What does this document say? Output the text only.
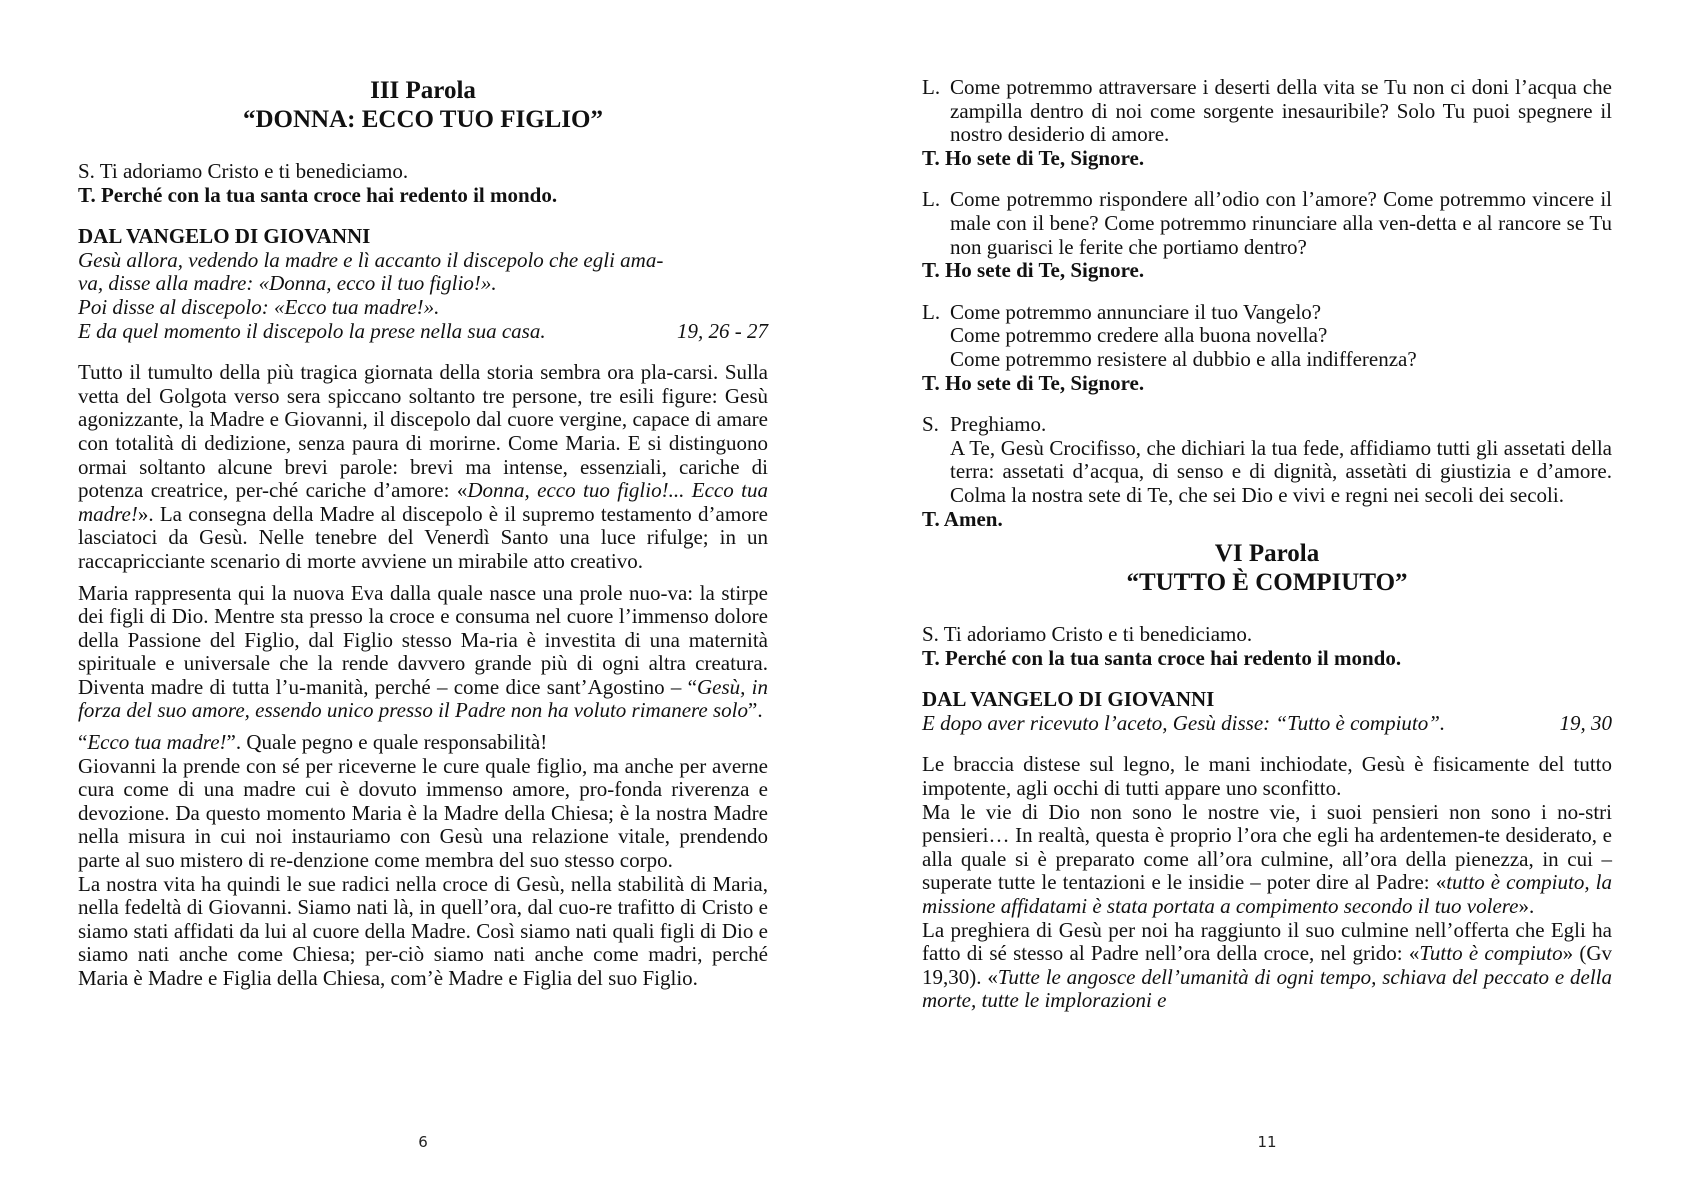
III Parola
“DONNA: ECCO TUO FIGLIO”

S. Ti adoriamo Cristo e ti benediciamo.

T. Perché con la tua santa croce hai redento il mondo.

DAL VANGELO DI GIOVANNI

Gesù allora, vedendo la madre e lì accanto il discepolo che egli ama-

va, disse alla madre: «Donna, ecco il tuo figlio!».

Poi disse al discepolo: «Ecco tua madre!».

E da quel momento il discepolo la prese nella sua casa.	19, 26 - 27

Tutto il tumulto della più tragica giornata della storia sembra ora pla-carsi. Sulla vetta del Golgota verso sera spiccano soltanto tre persone, tre esili figure: Gesù agonizzante, la Madre e Giovanni, il discepolo dal cuore vergine, capace di amare con totalità di dedizione, senza paura di morirne. Come Maria. E si distinguono ormai soltanto alcune brevi parole: brevi ma intense, essenziali, cariche di potenza creatrice, per-ché cariche d’amore: «Donna, ecco tuo figlio!... Ecco tua madre!». La consegna della Madre al discepolo è il supremo testamento d’amore lasciatoci da Gesù. Nelle tenebre del Venerdì Santo una luce rifulge; in un raccapricciante scenario di morte avviene un mirabile atto creativo.

Maria rappresenta qui la nuova Eva dalla quale nasce una prole nuo-va: la stirpe dei figli di Dio. Mentre sta presso la croce e consuma nel cuore l’immenso dolore della Passione del Figlio, dal Figlio stesso Ma-ria è investita di una maternità spirituale e universale che la rende davvero grande più di ogni altra creatura. Diventa madre di tutta l’u-manità, perché – come dice sant’Agostino – “Gesù, in forza del suo amore, essendo unico presso il Padre non ha voluto rimanere solo”.

“Ecco tua madre!”. Quale pegno e quale responsabilità!

Giovanni la prende con sé per riceverne le cure quale figlio, ma anche per averne cura come di una madre cui è dovuto immenso amore, pro-fonda riverenza e devozione. Da questo momento Maria è la Madre della Chiesa; è la nostra Madre nella misura in cui noi instauriamo con Gesù una relazione vitale, prendendo parte al suo mistero di re-denzione come membra del suo stesso corpo.

La nostra vita ha quindi le sue radici nella croce di Gesù, nella stabilità di Maria, nella fedeltà di Giovanni. Siamo nati là, in quell’ora, dal cuo-re trafitto di Cristo e siamo stati affidati da lui al cuore della Madre. Così siamo nati quali figli di Dio e siamo nati anche come Chiesa; per-ciò siamo nati anche come madri, perché Maria è Madre e Figlia della Chiesa, com’è Madre e Figlia del suo Figlio.

6
L. Come potremmo attraversare i deserti della vita se Tu non ci doni l’acqua che zampilla dentro di noi come sorgente inesauribile? Solo Tu puoi spegnere il nostro desiderio di amore.

T. Ho sete di Te, Signore.

L. Come potremmo rispondere all’odio con l’amore? Come potremmo vincere il male con il bene? Come potremmo rinunciare alla ven-detta e al rancore se Tu non guarisci le ferite che portiamo dentro?

T. Ho sete di Te, Signore.

L. Come potremmo annunciare il tuo Vangelo?
Come potremmo credere alla buona novella?
Come potremmo resistere al dubbio e alla indifferenza?

T. Ho sete di Te, Signore.

S. Preghiamo.
A Te, Gesù Crocifisso, che dichiari la tua fede, affidiamo tutti gli assetati della terra: assetati d’acqua, di senso e di dignità, assetàti di giustizia e d’amore. Colma la nostra sete di Te, che sei Dio e vivi e regni nei secoli dei secoli.

T. Amen.

VI Parola
“TUTTO È COMPIUTO”

S. Ti adoriamo Cristo e ti benediciamo.

T. Perché con la tua santa croce hai redento il mondo.

DAL VANGELO DI GIOVANNI

E dopo aver ricevuto l’aceto, Gesù disse: “Tutto è compiuto”.	19, 30

Le braccia distese sul legno, le mani inchiodate, Gesù è fisicamente del tutto impotente, agli occhi di tutti appare uno sconfitto.

Ma le vie di Dio non sono le nostre vie, i suoi pensieri non sono i no-stri pensieri… In realtà, questa è proprio l’ora che egli ha ardentemen-te desiderato, e alla quale si è preparato come all’ora culmine, all’ora della pienezza, in cui – superate tutte le tentazioni e le insidie – poter dire al Padre: «tutto è compiuto, la missione affidatami è stata portata a compimento secondo il tuo volere».

La preghiera di Gesù per noi ha raggiunto il suo culmine nell’offerta che Egli ha fatto di sé stesso al Padre nell’ora della croce, nel grido: «Tutto è compiuto» (Gv 19,30). «Tutte le angosce dell’umanità di ogni tempo, schiava del peccato e della morte, tutte le implorazioni e

11
